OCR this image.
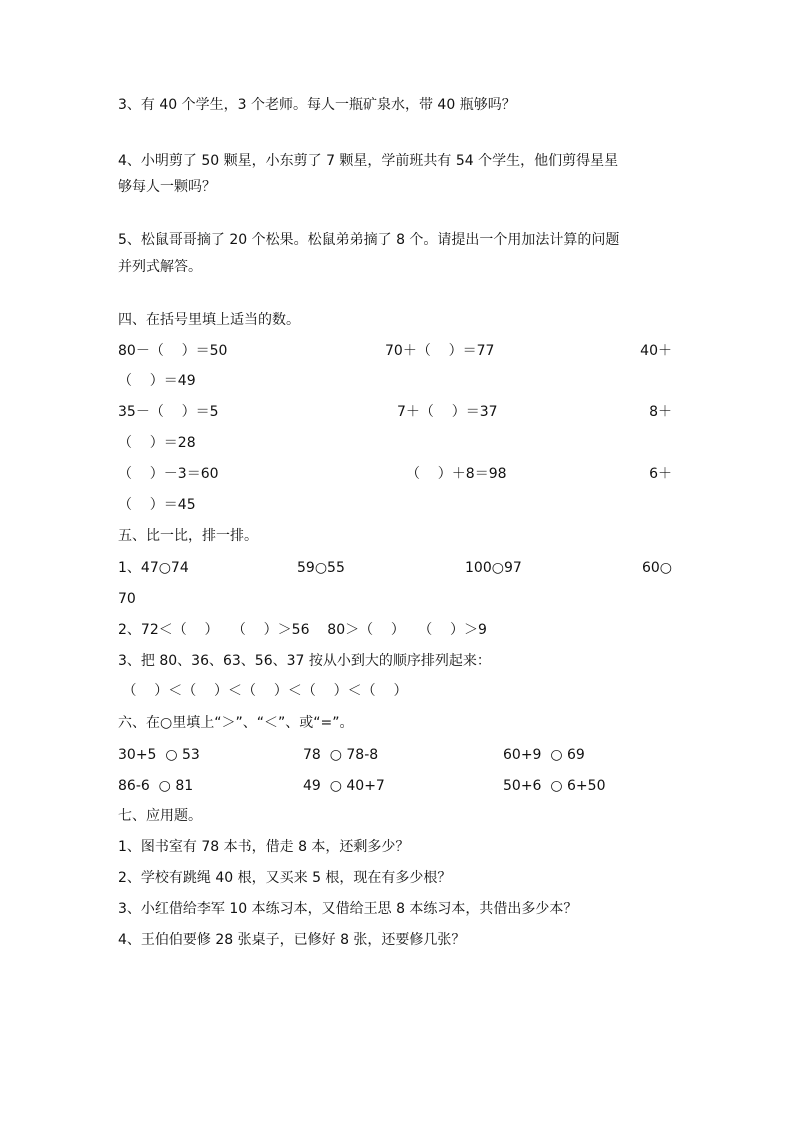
3、有 40 个学生，3 个老师。每人一瓶矿泉水，带 40 瓶够吗？
4、小明剪了 50 颗星，小东剪了 7 颗星，学前班共有 54 个学生，他们剪得星星
够每人一颗吗？
5、松鼠哥哥摘了 20 个松果。松鼠弟弟摘了 8 个。请提出一个用加法计算的问题
并列式解答。
四、在括号里填上适当的数。
80－（    ）＝50	70＋（    ）＝77	40＋
（    ）＝49
35－（    ）＝5	7＋（    ）＝37	8＋
（    ）＝28
（    ）－3＝60	（    ）＋8＝98	6＋
（    ）＝45
五、比一比，排一排。
1、47○74	59○55	100○97	60○
70
2、72＜（    ）   （    ）＞56    80＞（    ）   （    ）＞9
3、把 80、36、63、56、37 按从小到大的顺序排列起来：
（    ）＜（    ）＜（    ）＜（    ）＜（    ）
六、在○里填上“＞”、“＜”、或“=”。
30+5  ○ 53	78  ○ 78-8	60+9  ○ 69
86-6  ○ 81	49  ○ 40+7	50+6  ○ 6+50
七、应用题。
1、图书室有 78 本书，借走 8 本，还剩多少？
2、学校有跳绳 40 根，又买来 5 根，现在有多少根？
3、小红借给李军 10 本练习本，又借给王思 8 本练习本，共借出多少本？
4、王伯伯要修 28 张桌子，已修好 8 张，还要修几张？
